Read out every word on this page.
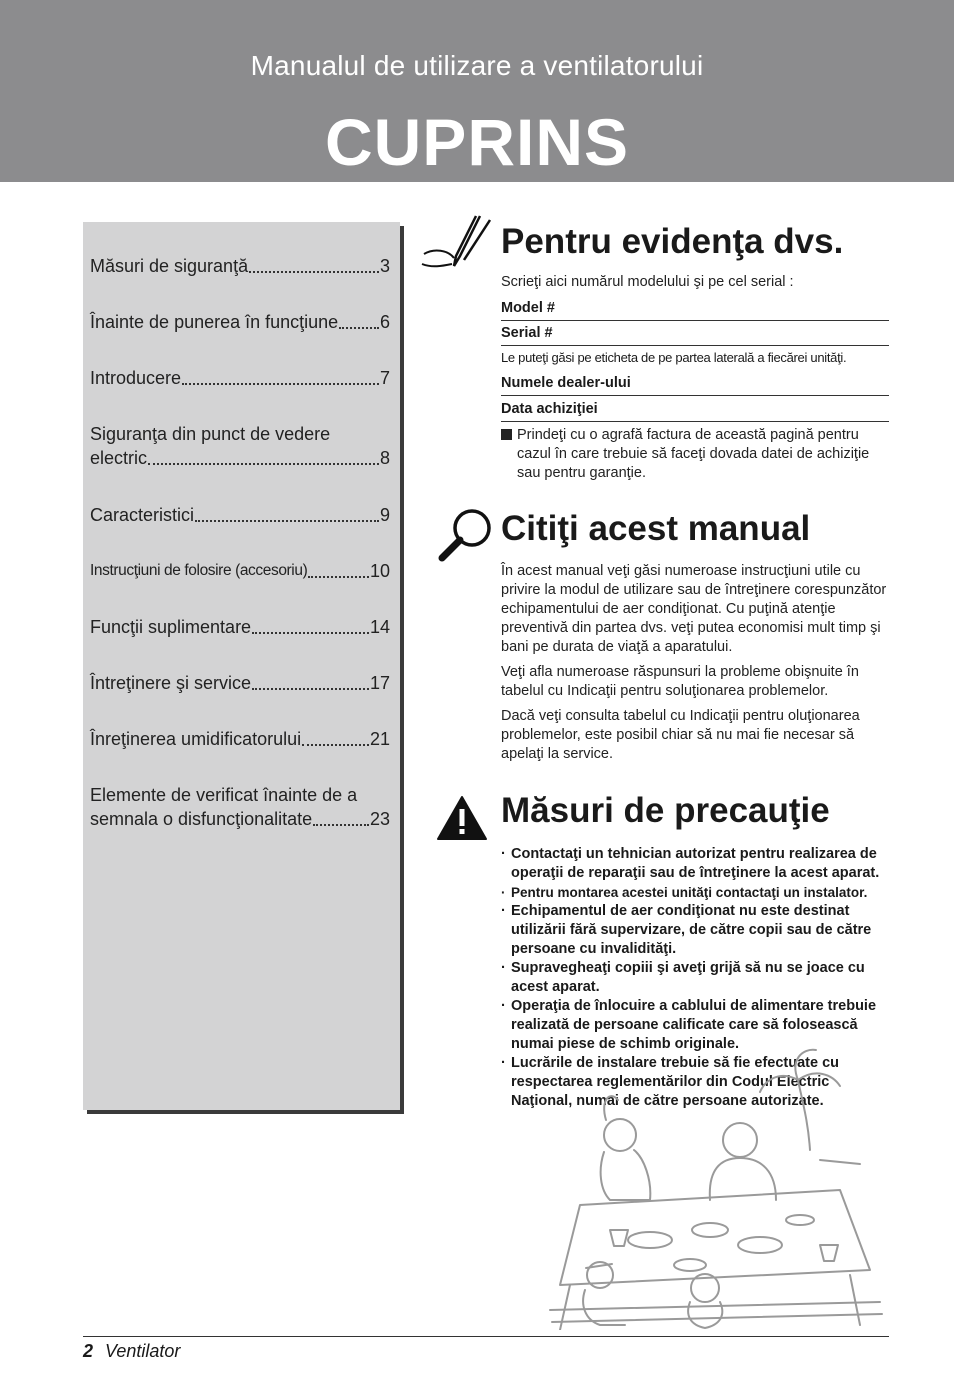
Manualul de utilizare a ventilatorului
CUPRINS
Măsuri de siguranţă	3
Înainte de punerea în funcţiune 6
Introducere	7
Siguranţa din punct de vedere
electric	8
Caracteristici	9
Instrucţiuni de folosire (accesoriu)	10
Funcţii suplimentare	14
Întreţinere şi service	17
Înreţinerea umidificatorului	21
Elemente de verificat înainte de a
semnala o disfuncţionalitate	23
Pentru evidenţa dvs.
Scrieţi aici numărul modelului şi pe cel serial :
Model #
Serial #
Le puteţi găsi pe eticheta de pe partea laterală a fiecărei unităţi.
Numele dealer-ului
Data achiziţiei
Prindeţi cu o agrafă factura de această pagină pentru cazul în care trebuie să faceţi dovada datei de achiziţie sau pentru garanţie.
Citiţi acest manual
În acest manual veţi găsi numeroase instrucţiuni utile cu privire la modul de utilizare sau de întreţinere corespunzător echipamentului de aer condiţionat. Cu puţină atenţie preventivă din partea dvs. veţi putea economisi mult timp şi bani pe durata de viaţă a aparatului.
Veţi afla numeroase răspunsuri la probleme obişnuite în tabelul cu Indicaţii pentru soluţionarea problemelor.
Dacă veţi consulta tabelul cu Indicaţii pentru oluţionarea problemelor, este posibil chiar să nu mai fie necesar să apelaţi la service.
Măsuri de precauţie

· Contactaţi un tehnician autorizat pentru realizarea de operaţii de reparaţii sau de întreţinere la acest aparat.

· Pentru montarea acestei unităţi contactaţi un instalator.

· Echipamentul de aer condiţionat nu este destinat utilizării fără supervizare, de către copii sau de către persoane cu invalidităţi.

· Supravegheaţi copiii şi aveţi grijă să nu se joace cu acest aparat.

· Operaţia de înlocuire a cablului de alimentare trebuie realizată de persoane calificate care să folosească numai piese de schimb originale.

· Lucrările de instalare trebuie să fie efectuate cu respectarea reglementărilor din Codul Electric Naţional, numai de către persoane autorizate.

2 Ventilator
